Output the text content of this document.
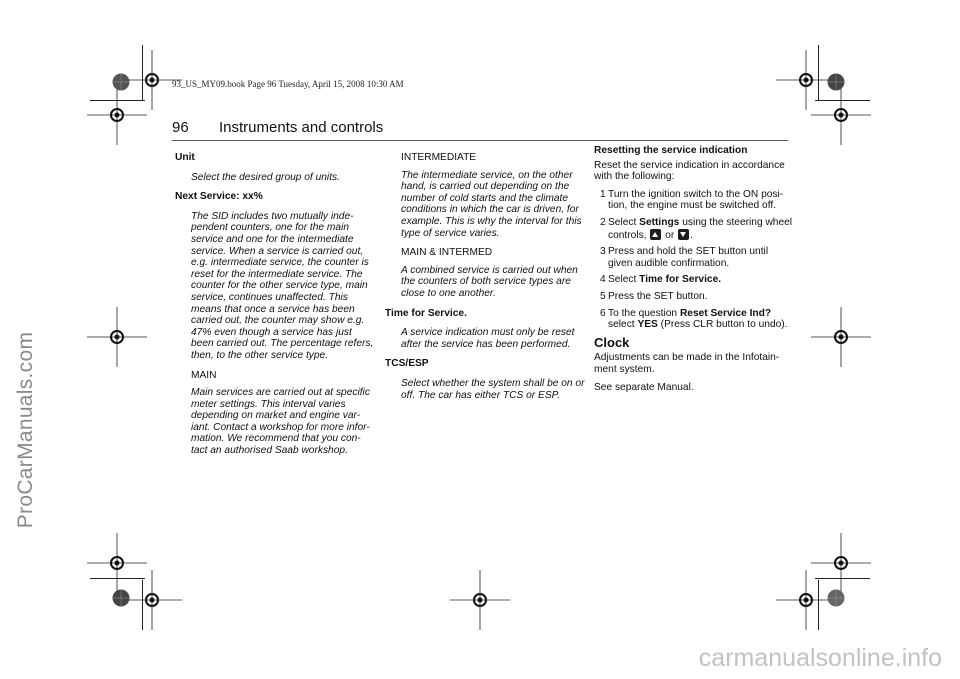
93_US_MY09.book Page 96 Tuesday, April 15, 2008 10:30 AM
96 Instruments and controls
ProCarManuals.com
carmanualsonline.info
Unit
Select the desired group of units.
Next Service: xx%
The SID includes two mutually inde-pendent counters, one for the main service and one for the intermediate service. When a service is carried out, e.g. intermediate service, the counter is reset for the intermediate service. The counter for the other service type, main service, continues unaffected. This means that once a service has been carried out, the counter may show e.g. 47% even though a service has just been carried out. The percentage refers, then, to the other service type.
MAIN
Main services are carried out at specific meter settings. This interval varies depending on market and engine var-iant. Contact a workshop for more infor-mation. We recommend that you con-tact an authorised Saab workshop.
INTERMEDIATE
The intermediate service, on the other hand, is carried out depending on the number of cold starts and the climate conditions in which the car is driven, for example. This is why the interval for this type of service varies.
MAIN & INTERMED
A combined service is carried out when the counters of both service types are close to one another.
Time for Service.
A service indication must only be reset after the service has been performed.
TCS/ESP
Select whether the system shall be on or off. The car has either TCS or ESP.
Resetting the service indication
Reset the service indication in accordance with the following:
1 Turn the ignition switch to the ON posi-tion, the engine must be switched off.
2 Select Settings using the steering wheel controls,  or .
3 Press and hold the SET button until given audible confirmation.
4 Select Time for Service.
5 Press the SET button.
6 To the question Reset Service Ind? select YES (Press CLR button to undo).
Clock
Adjustments can be made in the Infotain-ment system.
See separate Manual.
